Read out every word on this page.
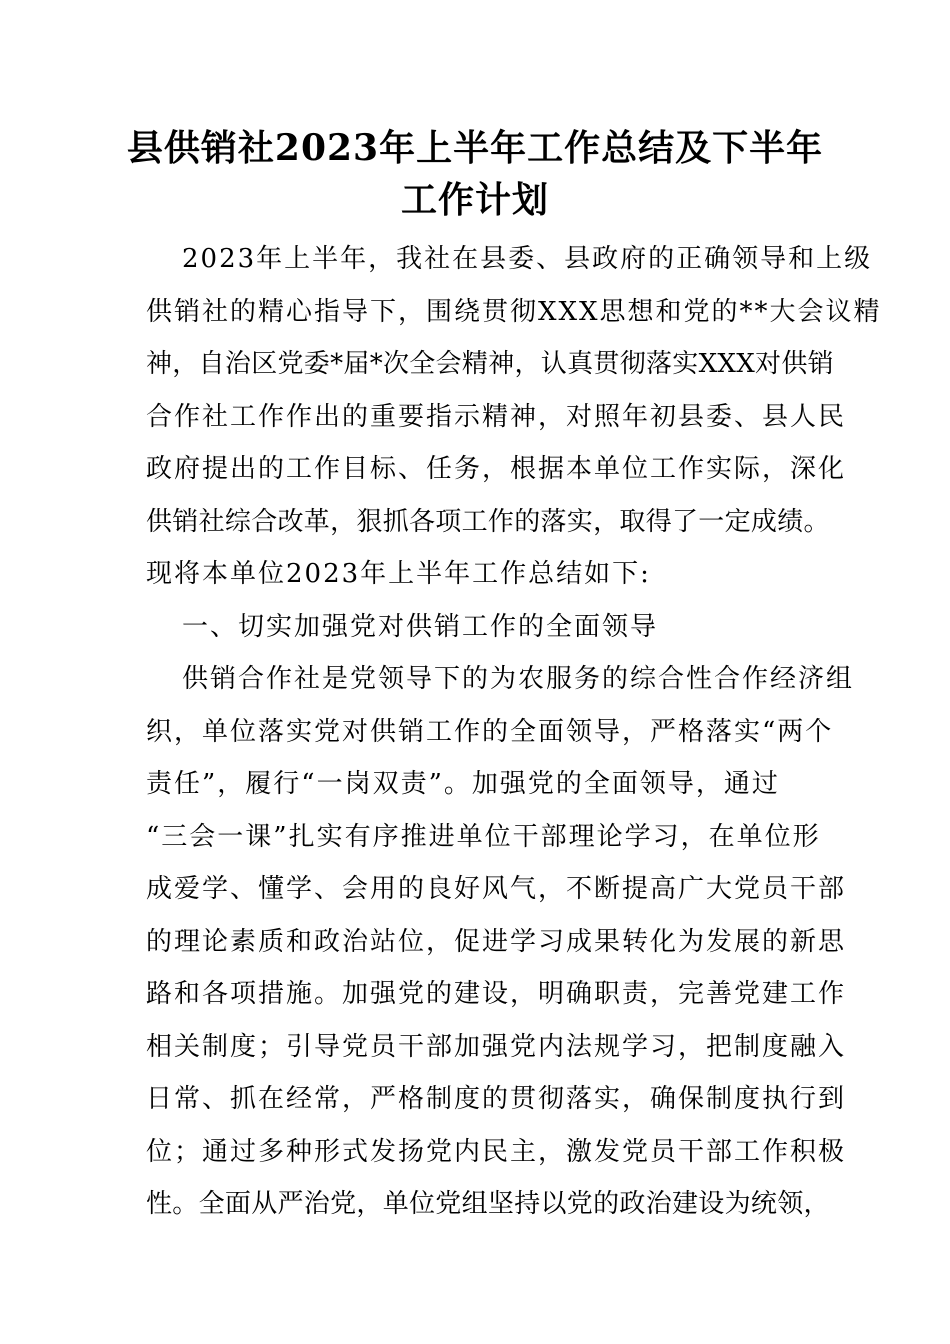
县供销社2023年上半年工作总结及下半年
工作计划
2023年上半年，我社在县委、县政府的正确领导和上级
供销社的精心指导下，围绕贯彻XXX思想和党的**大会议精
神，自治区党委*届*次全会精神，认真贯彻落实XXX对供销
合作社工作作出的重要指示精神，对照年初县委、县人民
政府提出的工作目标、任务，根据本单位工作实际，深化
供销社综合改革，狠抓各项工作的落实，取得了一定成绩。
现将本单位2023年上半年工作总结如下:
一、切实加强党对供销工作的全面领导
供销合作社是党领导下的为农服务的综合性合作经济组
织，单位落实党对供销工作的全面领导，严格落实“两个
责任”，履行“一岗双责”。加强党的全面领导，通过
“三会一课”扎实有序推进单位干部理论学习，在单位形
成爱学、懂学、会用的良好风气，不断提高广大党员干部
的理论素质和政治站位，促进学习成果转化为发展的新思
路和各项措施。加强党的建设，明确职责，完善党建工作
相关制度；引导党员干部加强党内法规学习，把制度融入
日常、抓在经常，严格制度的贯彻落实，确保制度执行到
位；通过多种形式发扬党内民主，激发党员干部工作积极
性。全面从严治党，单位党组坚持以党的政治建设为统领，
